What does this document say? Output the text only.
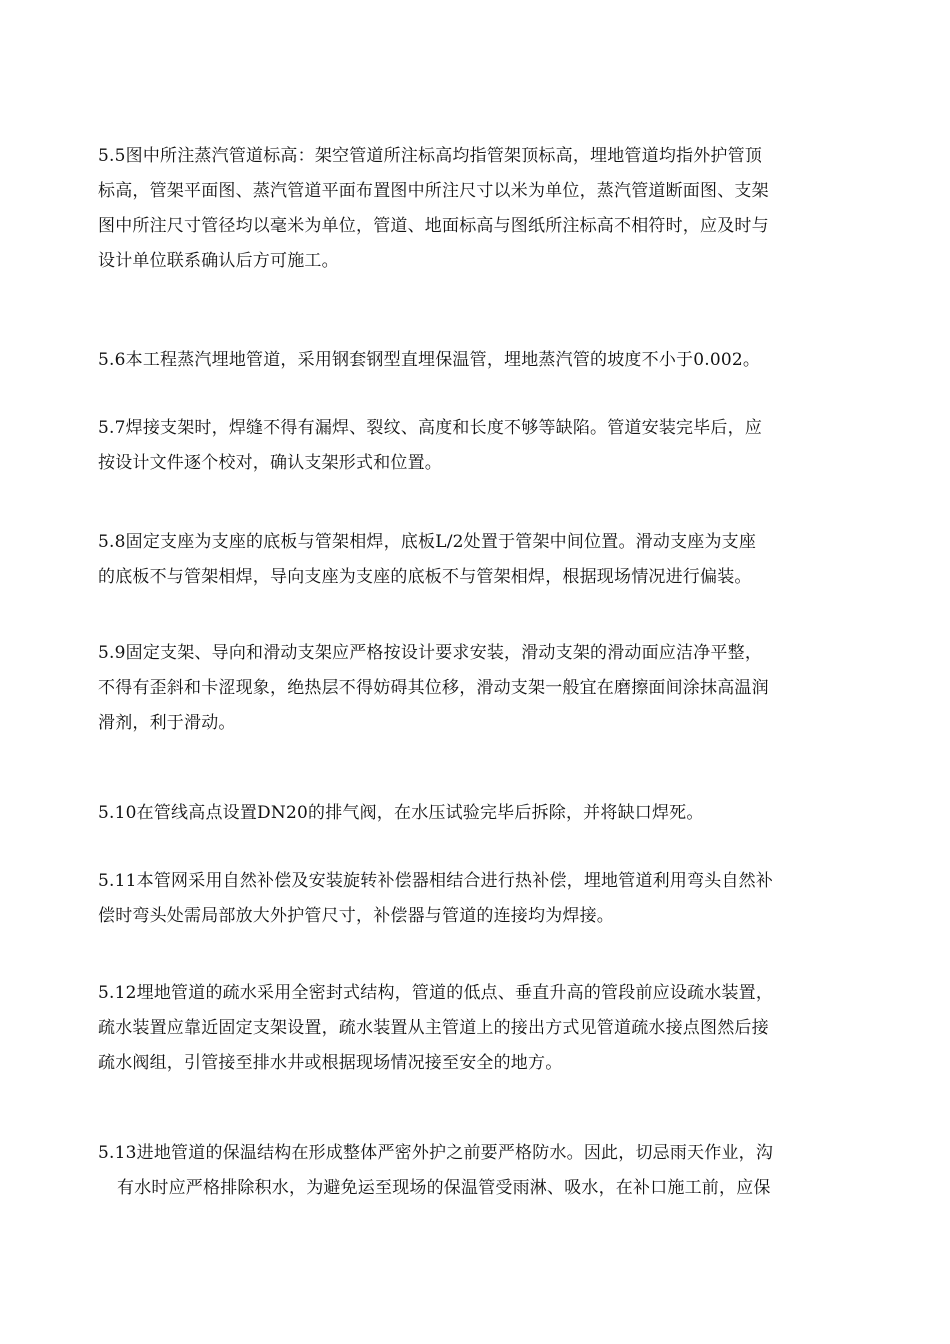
5.5图中所注蒸汽管道标高：架空管道所注标高均指管架顶标高，埋地管道均指外护管顶
标高，管架平面图、蒸汽管道平面布置图中所注尺寸以米为单位，蒸汽管道断面图、支架
图中所注尺寸管径均以毫米为单位，管道、地面标高与图纸所注标高不相符时，应及时与
设计单位联系确认后方可施工。
5.6本工程蒸汽埋地管道，采用钢套钢型直埋保温管，埋地蒸汽管的坡度不小于0.002。
5.7焊接支架时，焊缝不得有漏焊、裂纹、高度和长度不够等缺陷。管道安装完毕后，应
按设计文件逐个校对，确认支架形式和位置。
5.8固定支座为支座的底板与管架相焊，底板L/2处置于管架中间位置。滑动支座为支座
的底板不与管架相焊，导向支座为支座的底板不与管架相焊，根据现场情况进行偏装。
5.9固定支架、导向和滑动支架应严格按设计要求安装，滑动支架的滑动面应洁净平整，
不得有歪斜和卡涩现象，绝热层不得妨碍其位移，滑动支架一般宜在磨擦面间涂抹高温润
滑剂，利于滑动。
5.10在管线高点设置DN20的排气阀，在水压试验完毕后拆除，并将缺口焊死。
5.11本管网采用自然补偿及安装旋转补偿器相结合进行热补偿，埋地管道利用弯头自然补
偿时弯头处需局部放大外护管尺寸，补偿器与管道的连接均为焊接。
5.12埋地管道的疏水采用全密封式结构，管道的低点、垂直升高的管段前应设疏水装置，
疏水装置应靠近固定支架设置，疏水装置从主管道上的接出方式见管道疏水接点图然后接
疏水阀组，引管接至排水井或根据现场情况接至安全的地方。
5.13进地管道的保温结构在形成整体严密外护之前要严格防水。因此，切忌雨天作业，沟
有水时应严格排除积水，为避免运至现场的保温管受雨淋、吸水，在补口施工前，应保
